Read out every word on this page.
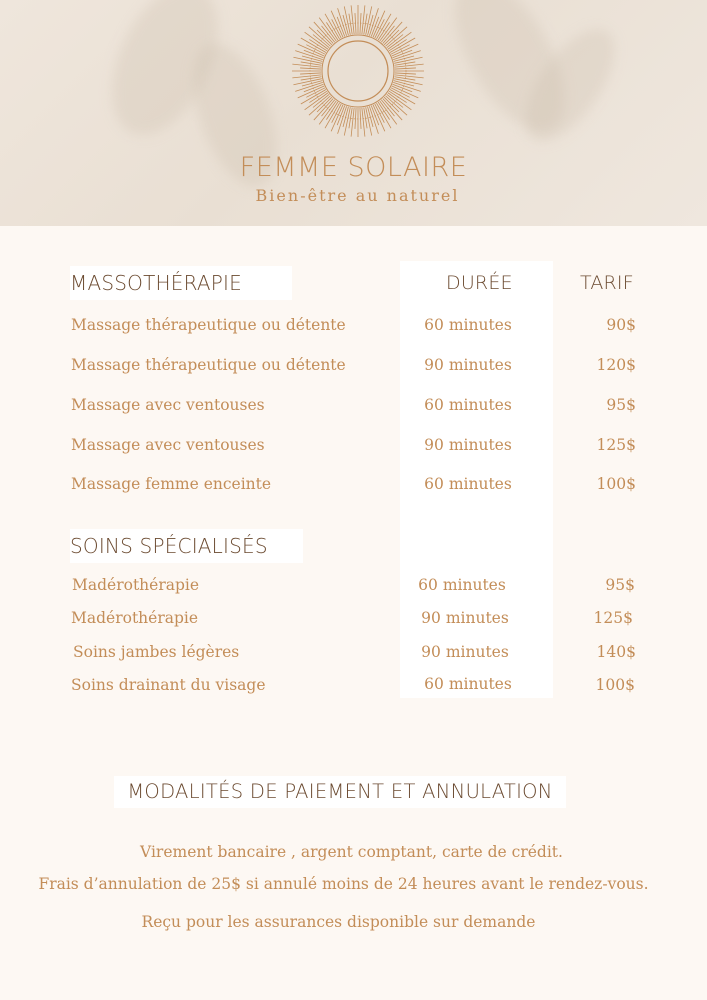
FEMME SOLAIRE
Bien-être au naturel
MASSOTHÉRAPIE	DURÉE	TARIF
Massage thérapeutique ou détente	60 minutes	90$
Massage thérapeutique ou détente	90 minutes	120$
Massage avec ventouses	60 minutes	95$
Massage avec ventouses	90 minutes	125$
Massage femme enceinte	60 minutes	100$
SOINS SPÉCIALISÉS
Madérothérapie	60 minutes	95$
Madérothérapie	90 minutes	125$
Soins jambes légères	90 minutes	140$
Soins drainant du visage	60 minutes	100$
MODALITÉS DE PAIEMENT ET ANNULATION
Virement bancaire , argent comptant, carte de crédit.
Frais d’annulation de 25$ si annulé moins de 24 heures avant le rendez-vous.
Reçu pour les assurances disponible sur demande
